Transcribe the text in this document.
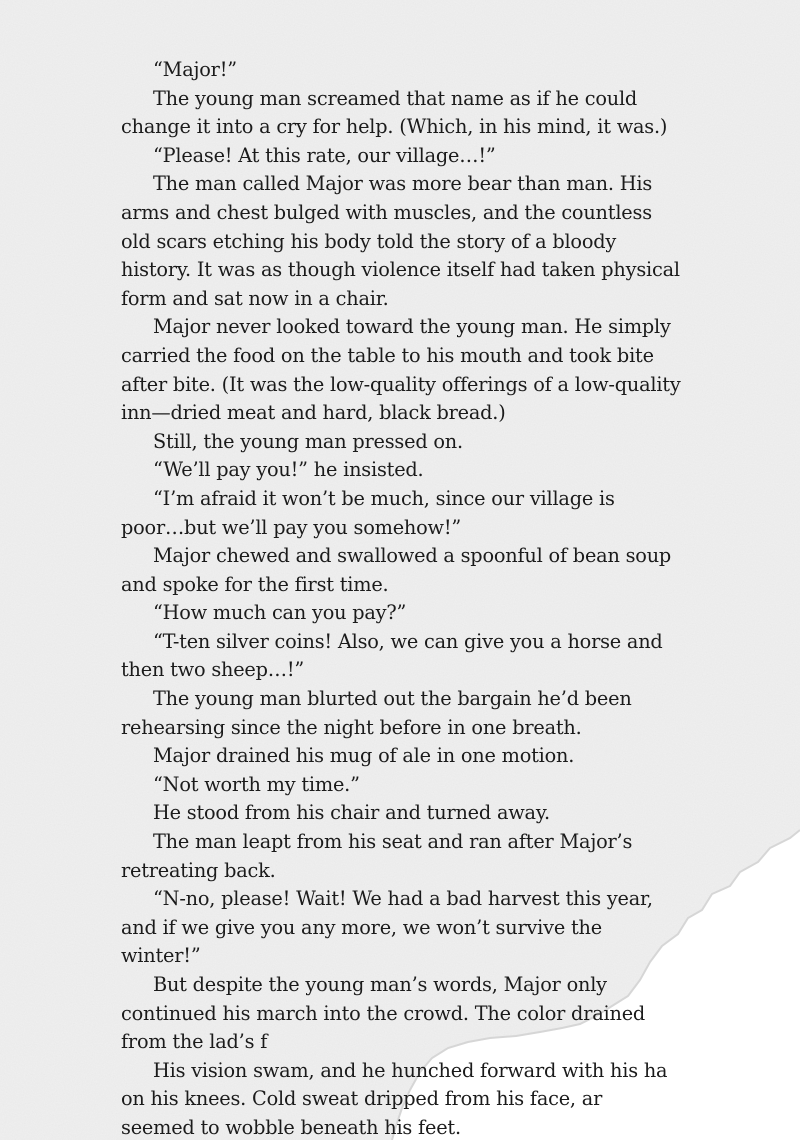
“Major!”

The young man screamed that name as if he could change it into a cry for help. (Which, in his mind, it was.)

“Please! At this rate, our village…!”

The man called Major was more bear than man. His arms and chest bulged with muscles, and the countless old scars etching his body told the story of a bloody history. It was as though violence itself had taken physical form and sat now in a chair.

Major never looked toward the young man. He simply carried the food on the table to his mouth and took bite after bite. (It was the low-quality offerings of a low-quality inn—dried meat and hard, black bread.)

Still, the young man pressed on.

“We’ll pay you!” he insisted.

“I’m afraid it won’t be much, since our village is poor…but we’ll pay you somehow!”

Major chewed and swallowed a spoonful of bean soup and spoke for the first time.

“How much can you pay?”

“T-ten silver coins! Also, we can give you a horse and then two sheep…!”

The young man blurted out the bargain he’d been rehearsing since the night before in one breath.

Major drained his mug of ale in one motion.

“Not worth my time.”

He stood from his chair and turned away.

The man leapt from his seat and ran after Major’s retreating back.

“N-no, please! Wait! We had a bad harvest this year, and if we give you any more, we won’t survive the winter!”

But despite the young man’s words, Major only continued his march into the crowd. The color drained from the lad’s f

His vision swam, and he hunched forward with his ha on his knees. Cold sweat dripped from his face, ar seemed to wobble beneath his feet.
